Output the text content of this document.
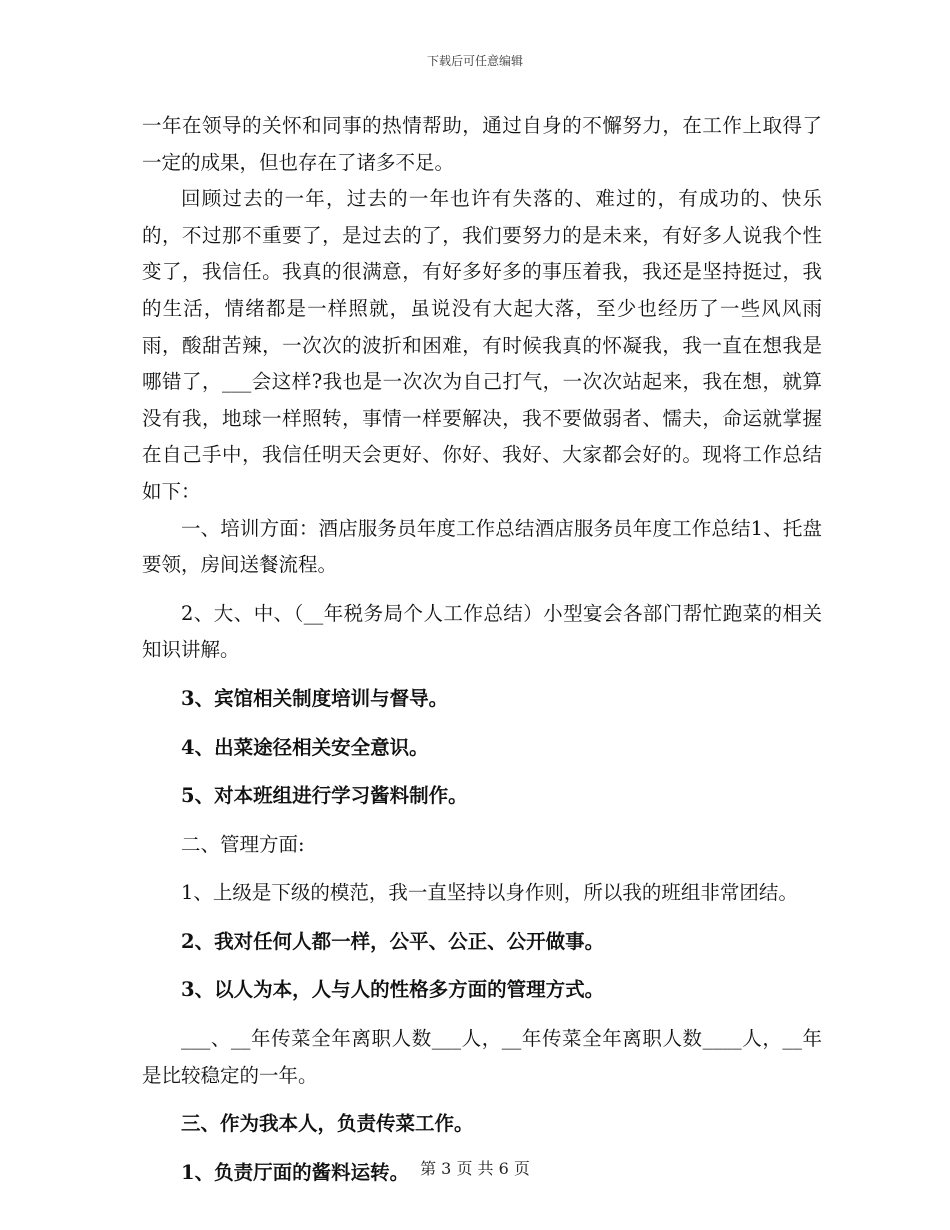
下载后可任意编辑

一年在领导的关怀和同事的热情帮助，通过自身的不懈努力，在工作上取得了一定的成果，但也存在了诸多不足。

回顾过去的一年，过去的一年也许有失落的、难过的，有成功的、快乐的，不过那不重要了，是过去的了，我们要努力的是未来，有好多人说我个性变了，我信任。我真的很满意，有好多好多的事压着我，我还是坚持挺过，我的生活，情绪都是一样照就，虽说没有大起大落，至少也经历了一些风风雨雨，酸甜苦辣，一次次的波折和困难，有时候我真的怀凝我，我一直在想我是哪错了，___会这样?我也是一次次为自己打气，一次次站起来，我在想，就算没有我，地球一样照转，事情一样要解决，我不要做弱者、懦夫，命运就掌握在自己手中，我信任明天会更好、你好、我好、大家都会好的。现将工作总结如下：

一、培训方面：酒店服务员年度工作总结酒店服务员年度工作总结1、托盘要领，房间送餐流程。

2、大、中、（__年税务局个人工作总结）小型宴会各部门帮忙跑菜的相关知识讲解。

3、宾馆相关制度培训与督导。

4、出菜途径相关安全意识。

5、对本班组进行学习酱料制作。

二、管理方面:

1、上级是下级的模范，我一直坚持以身作则，所以我的班组非常团结。

2、我对任何人都一样，公平、公正、公开做事。

3、以人为本，人与人的性格多方面的管理方式。

___、__年传菜全年离职人数___人，__年传菜全年离职人数____人，__年是比较稳定的一年。

三、作为我本人，负责传菜工作。

1、负责厅面的酱料运转。 第 3 页 共 6 页
